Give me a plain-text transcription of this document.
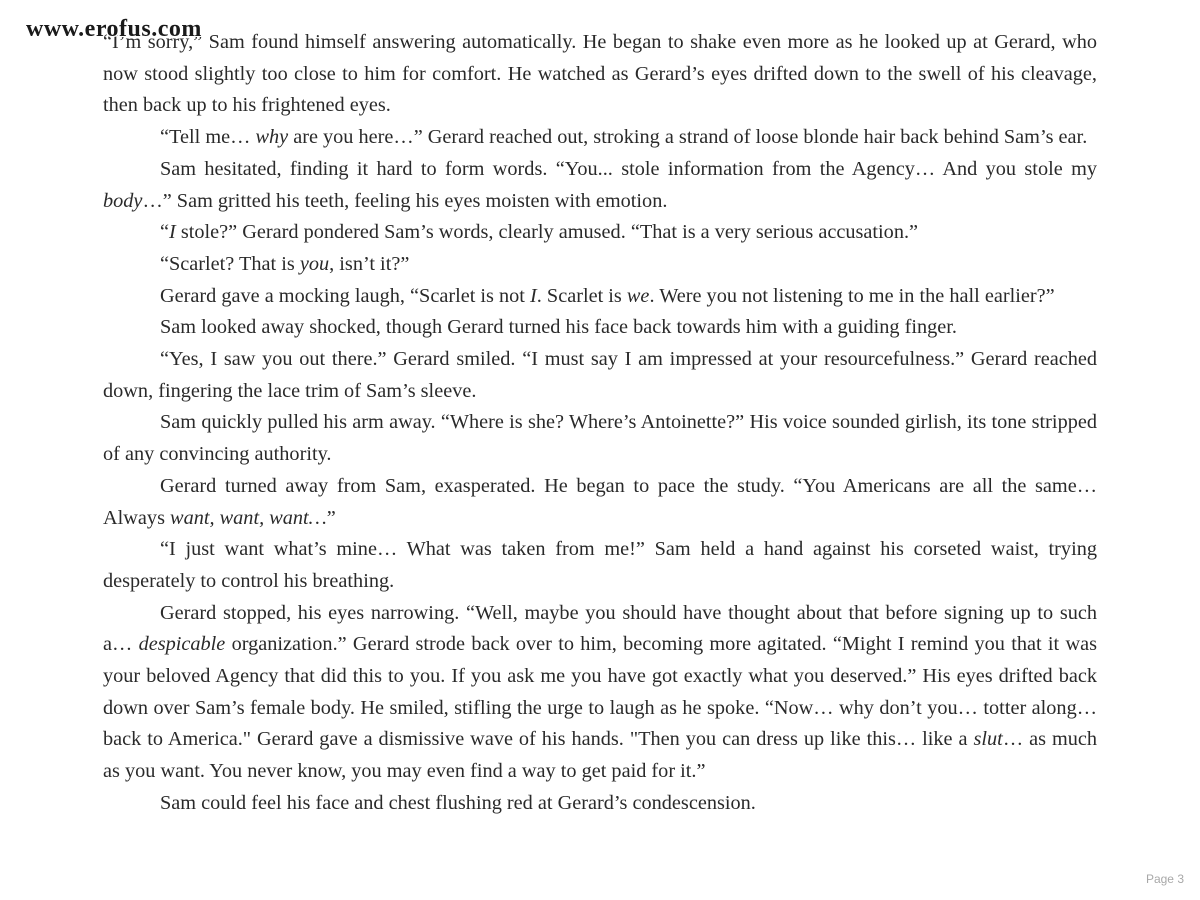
www.erofus.com

“I’m sorry,” Sam found himself answering automatically. He began to shake even more as he looked up at Gerard, who now stood slightly too close to him for comfort. He watched as Gerard’s eyes drifted down to the swell of his cleavage, then back up to his frightened eyes.

“Tell me… why are you here…” Gerard reached out, stroking a strand of loose blonde hair back behind Sam’s ear.

Sam hesitated, finding it hard to form words. “You... stole information from the Agency… And you stole my body…” Sam gritted his teeth, feeling his eyes moisten with emotion.

“I stole?” Gerard pondered Sam’s words, clearly amused. “That is a very serious accusation.”

“Scarlet? That is you, isn’t it?”

Gerard gave a mocking laugh, “Scarlet is not I. Scarlet is we. Were you not listening to me in the hall earlier?”

Sam looked away shocked, though Gerard turned his face back towards him with a guiding finger.

“Yes, I saw you out there.” Gerard smiled. “I must say I am impressed at your resourcefulness.” Gerard reached down, fingering the lace trim of Sam’s sleeve.

Sam quickly pulled his arm away. “Where is she? Where’s Antoinette?” His voice sounded girlish, its tone stripped of any convincing authority.

Gerard turned away from Sam, exasperated. He began to pace the study. “You Americans are all the same… Always want, want, want…”

“I just want what’s mine… What was taken from me!” Sam held a hand against his corseted waist, trying desperately to control his breathing.

Gerard stopped, his eyes narrowing. “Well, maybe you should have thought about that before signing up to such a… despicable organization.” Gerard strode back over to him, becoming more agitated. “Might I remind you that it was your beloved Agency that did this to you. If you ask me you have got exactly what you deserved.” His eyes drifted back down over Sam’s female body. He smiled, stifling the urge to laugh as he spoke. “Now… why don’t you… totter along… back to America." Gerard gave a dismissive wave of his hands. "Then you can dress up like this… like a slut… as much as you want. You never know, you may even find a way to get paid for it.”

Sam could feel his face and chest flushing red at Gerard’s condescension.

Page 3
